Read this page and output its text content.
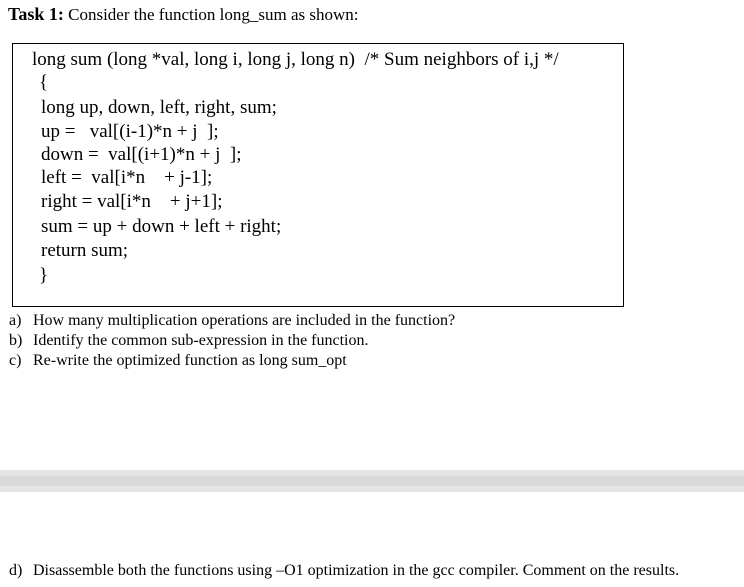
Task 1: Consider the function long_sum as shown:
long sum (long *val, long i, long j, long n)  /* Sum neighbors of i,j */
{
long up, down, left, right, sum;
up =   val[(i-1)*n + j  ];
down =  val[(i+1)*n + j  ];
left =  val[i*n    + j-1];
right = val[i*n    + j+1];
sum = up + down + left + right;
return sum;
}
a) How many multiplication operations are included in the function?
b) Identify the common sub-expression in the function.
c) Re-write the optimized function as long sum_opt
d) Disassemble both the functions using –O1 optimization in the gcc compiler. Comment on the results.
